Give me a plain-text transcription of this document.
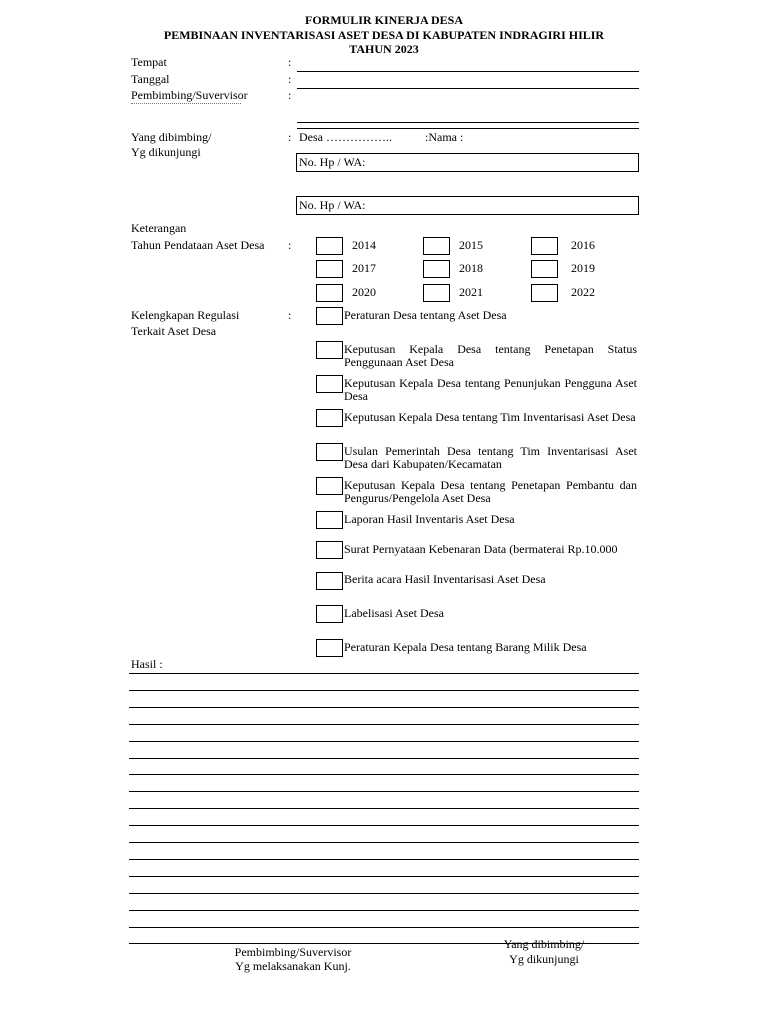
FORMULIR KINERJA DESA
PEMBINAAN INVENTARISASI ASET DESA DI KABUPATEN INDRAGIRI HILIR
TAHUN 2023
Tempat	:
Tanggal	:
Pembimbing/Suvervisor	:
Yang dibimbing/
Yg dikunjungi
: Desa ……………..	:Nama :
No. Hp / WA:
No. Hp / WA:
Keterangan
Tahun Pendataan Aset Desa :	2014	2015	2016
2017	2018	2019
2020	2021	2022
Kelengkapan Regulasi
Terkait Aset Desa
:	Peraturan Desa tentang Aset Desa
Keputusan Kepala Desa tentang Penetapan Status Penggunaan Aset Desa
Keputusan Kepala Desa tentang Penunjukan Pengguna Aset Desa
Keputusan Kepala Desa tentang Tim Inventarisasi Aset Desa
Usulan Pemerintah Desa tentang Tim Inventarisasi Aset Desa dari Kabupaten/Kecamatan
Keputusan Kepala Desa tentang Penetapan Pembantu dan Pengurus/Pengelola Aset Desa
Laporan Hasil Inventaris Aset Desa
Surat Pernyataan Kebenaran Data (bermaterai Rp.10.000
Berita acara Hasil Inventarisasi Aset Desa
Labelisasi Aset Desa
Peraturan Kepala Desa tentang Barang Milik Desa
Hasil :
Pembimbing/Suvervisor
Yg melaksanakan Kunj.
Yang dibimbing/
Yg dikunjungi
